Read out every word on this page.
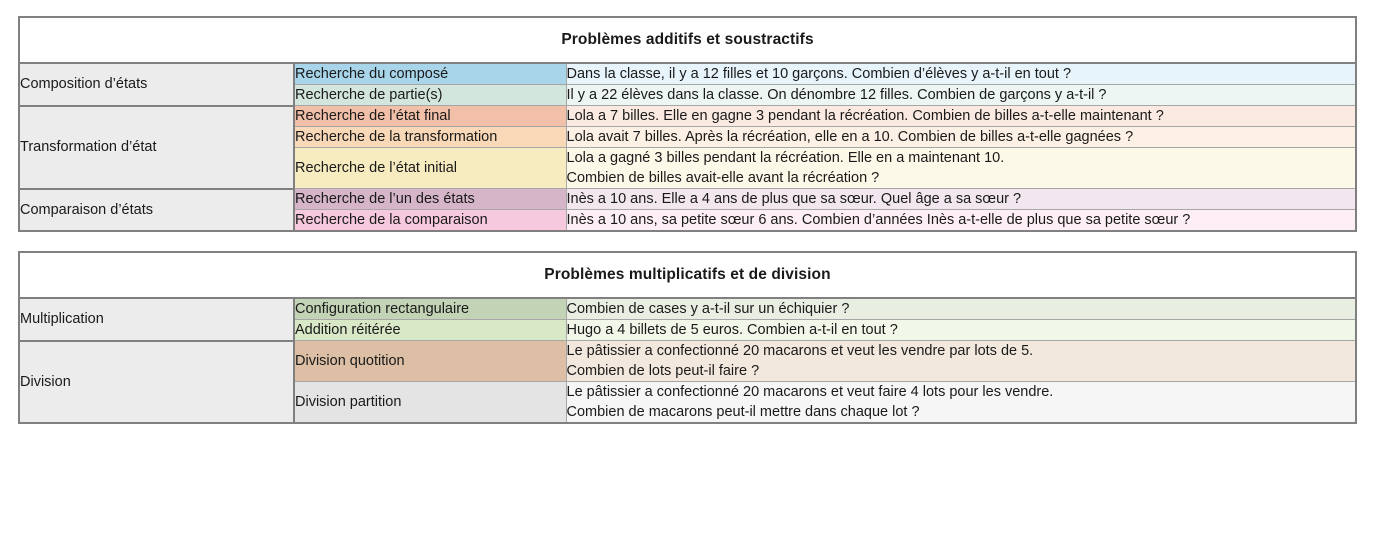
Problèmes additifs et soustractifs		
Composition d’états	Recherche du composé	Dans la classe, il y a 12 filles et 10 garçons. Combien d’élèves y a-t-il en tout ?

	Recherche de partie(s)	Il y a 22 élèves dans la classe. On dénombre 12 filles. Combien de garçons y a-t-il ?

Transformation d’état	Recherche de l’état final	Lola a 7 billes. Elle en gagne 3 pendant la récréation. Combien de billes a-t-elle maintenant ?

	Recherche de la transformation	Lola avait 7 billes. Après la récréation, elle en a 10. Combien de billes a-t-elle gagnées ?

	Recherche de l’état initial	Lola a gagné 3 billes pendant la récréation. Elle en a maintenant 10.
Combien de billes avait-elle avant la récréation ?

Comparaison d’états	Recherche de l’un des états	Inès a 10 ans. Elle a 4 ans de plus que sa sœur. Quel âge a sa sœur ?

	Recherche de la comparaison	Inès a 10 ans, sa petite sœur 6 ans. Combien d’années Inès a-t-elle de plus que sa petite sœur ?
Problèmes multiplicatifs et de division		
Multiplication	Configuration rectangulaire	Combien de cases y a-t-il sur un échiquier ?

	Addition réitérée	Hugo a 4 billets de 5 euros. Combien a-t-il en tout ?

Division	Division quotition	Le pâtissier a confectionné 20 macarons et veut les vendre par lots de 5.
Combien de lots peut-il faire ?

	Division partition	Le pâtissier a confectionné 20 macarons et veut faire 4 lots pour les vendre.
Combien de macarons peut-il mettre dans chaque lot ?
